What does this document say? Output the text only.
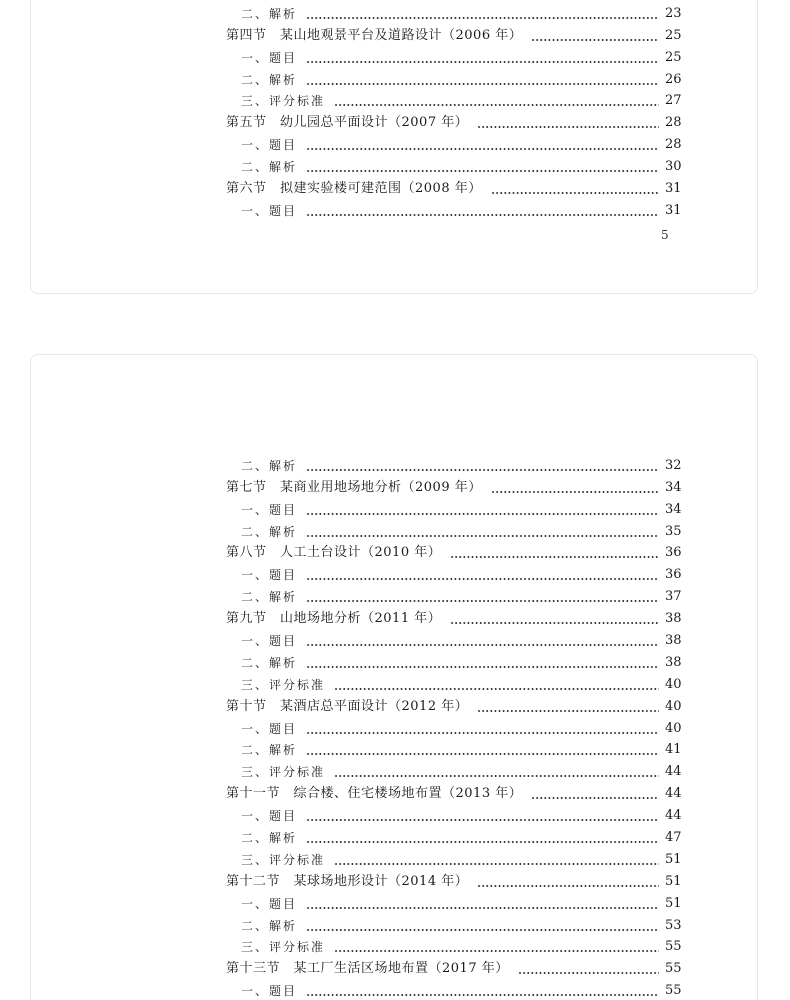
二、解析	23
第四节　某山地观景平台及道路设计（2006 年）	25
一、题目	25
二、解析	26
三、评分标准	27
第五节　幼儿园总平面设计（2007 年）	28
一、题目	28
二、解析	30
第六节　拟建实验楼可建范围（2008 年）	31
一、题目	31
5
二、解析	32
第七节　某商业用地场地分析（2009 年）	34
一、题目	34
二、解析	35
第八节　人工土台设计（2010 年）	36
一、题目	36
二、解析	37
第九节　山地场地分析（2011 年）	38
一、题目	38
二、解析	38
三、评分标准	40
第十节　某酒店总平面设计（2012 年）	40
一、题目	40
二、解析	41
三、评分标准	44
第十一节　综合楼、住宅楼场地布置（2013 年）	44
一、题目	44
二、解析	47
三、评分标准	51
第十二节　某球场地形设计（2014 年）	51
一、题目	51
二、解析	53
三、评分标准	55
第十三节　某工厂生活区场地布置（2017 年）	55
一、题目	55
